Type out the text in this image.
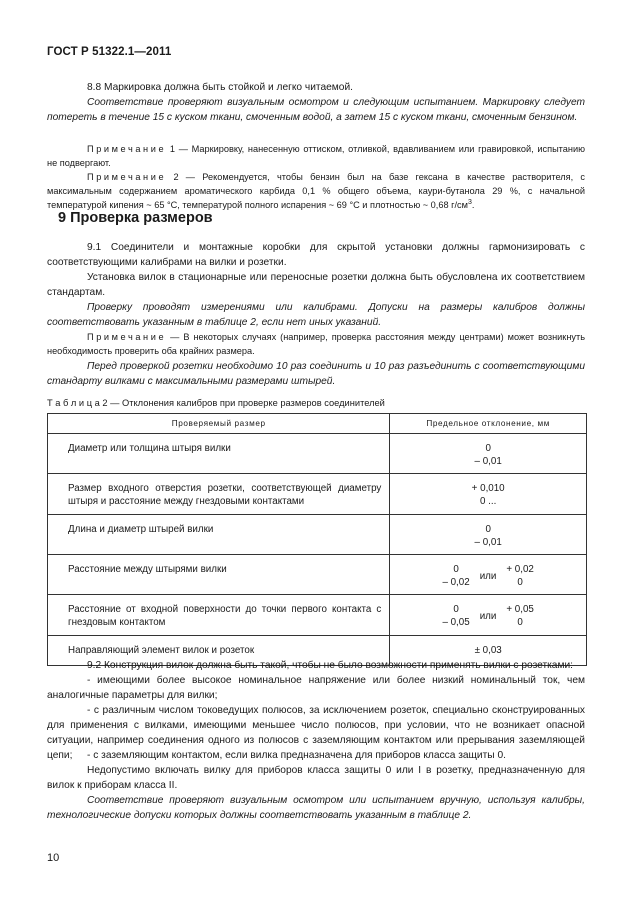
ГОСТ Р 51322.1—2011

8.8 Маркировка должна быть стойкой и легко читаемой.

Соответствие проверяют визуальным осмотром и следующим испытанием. Маркировку следует потереть в течение 15 с куском ткани, смоченным водой, а затем 15 с куском ткани, смоченным бензином.

Примечание 1 — Маркировку, нанесенную оттиском, отливкой, вдавливанием или гравировкой, испытанию не подвергают.

Примечание 2 — Рекомендуется, чтобы бензин был на базе гексана в качестве растворителя, с максимальным содержанием ароматического карбида 0,1 % общего объема, каури-бутанола 29 %, с начальной температурой кипения ~ 65 °С, температурой полного испарения ~ 69 °С и плотностью ~ 0,68 $г/см^3$.

9 Проверка размеров

9.1 Соединители и монтажные коробки для скрытой установки должны гармонизировать с соответствующими калибрами на вилки и розетки.

Установка вилок в стационарные или переносные розетки должна быть обусловлена их соответствием стандартам.

Проверку проводят измерениями или калибрами. Допуски на размеры калибров должны соответствовать указанным в таблице 2, если нет иных указаний.

Примечание — В некоторых случаях (например, проверка расстояния между центрами) может возникнуть необходимость проверить оба крайних размера.

Перед проверкой розетки необходимо 10 раз соединить и 10 раз разъединить с соответствующими стандарту вилками с максимальными размерами штырей.

Т а б л и ц а 2 — Отклонения калибров при проверке размеров соединителей
Проверяемый размер	Предельное отклонение, мм
Диаметр или толщина штыря вилки	0
– 0,01

Размер входного отверстия розетки, соответствующей диаметру штыря и расстояние между гнездовыми контактами	+ 0,010
0 ...

Длина и диаметр штырей вилки	0
– 0,01

Расстояние между штырями вилки	0
– 0,02
или
+ 0,02
0

Расстояние от входной поверхности до точки первого контакта с гнездовым контактом	0
– 0,05
или
+ 0,05
0

Направляющий элемент вилок и розеток	± 0,03

9.2 Конструкция вилок должна быть такой, чтобы не было возможности применять вилки с розетками:

- имеющими более высокое номинальное напряжение или более низкий номинальный ток, чем аналогичные параметры для вилки;

- с различным числом токоведущих полюсов, за исключением розеток, специально сконструированных для применения с вилками, имеющими меньшее число полюсов, при условии, что не возникает опасной ситуации, например соединения одного из полюсов с заземляющим контактом или прерывания заземляющей цепи;	- с заземляющим контактом, если вилка предназначена для приборов класса защиты 0.

Недопустимо включать вилку для приборов класса защиты 0 или I в розетку, предназначенную для вилок к приборам класса II.

Соответствие проверяют визуальным осмотром или испытанием вручную, используя калибры, технологические допуски которых должны соответствовать указанным в таблице 2.

10
